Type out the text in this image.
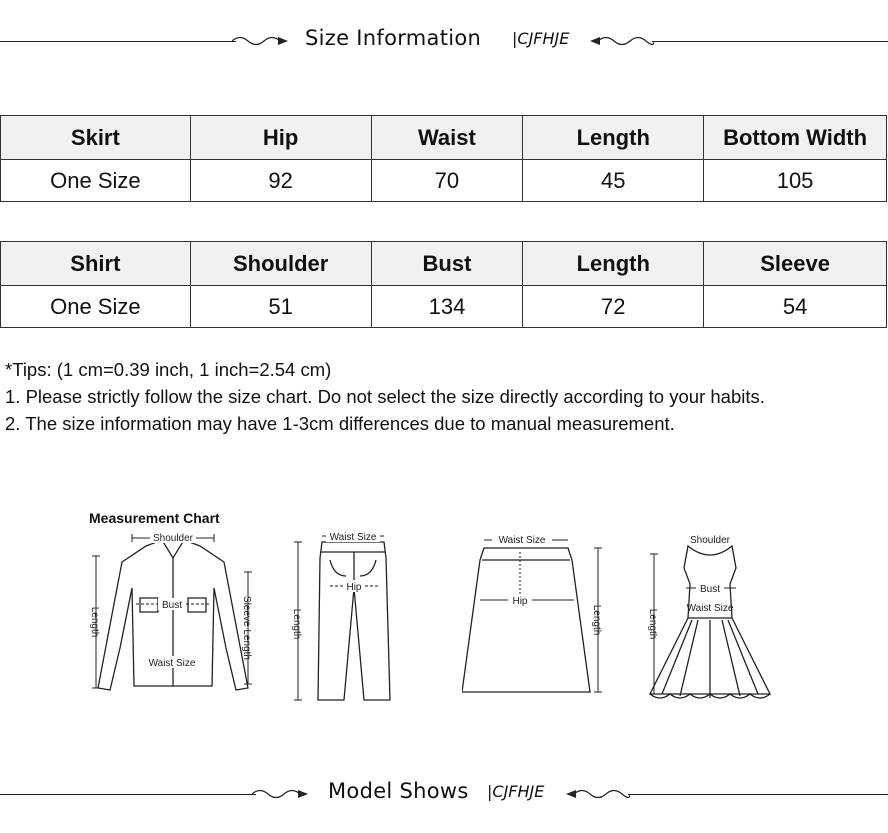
Size Information |CJFHJE
Skirt	Hip	Waist	Length	Bottom Width
One Size	92	70	45	105
Shirt	Shoulder	Bust	Length	Sleeve
One Size	51	134	72	54
*Tips: (1 cm=0.39 inch, 1 inch=2.54 cm)
1. Please strictly follow the size chart. Do not select the size directly according to your habits.
2. The size information may have 1-3cm differences due to manual measurement.
Measurement Chart
Shoulder
Bust
Waist Size
Length	Sleeve Length
Waist Size
Hip
Length
Waist Size
Hip
Length
Shoulder
Bust
Waist Size
Length
Model Shows |CJFHJE
